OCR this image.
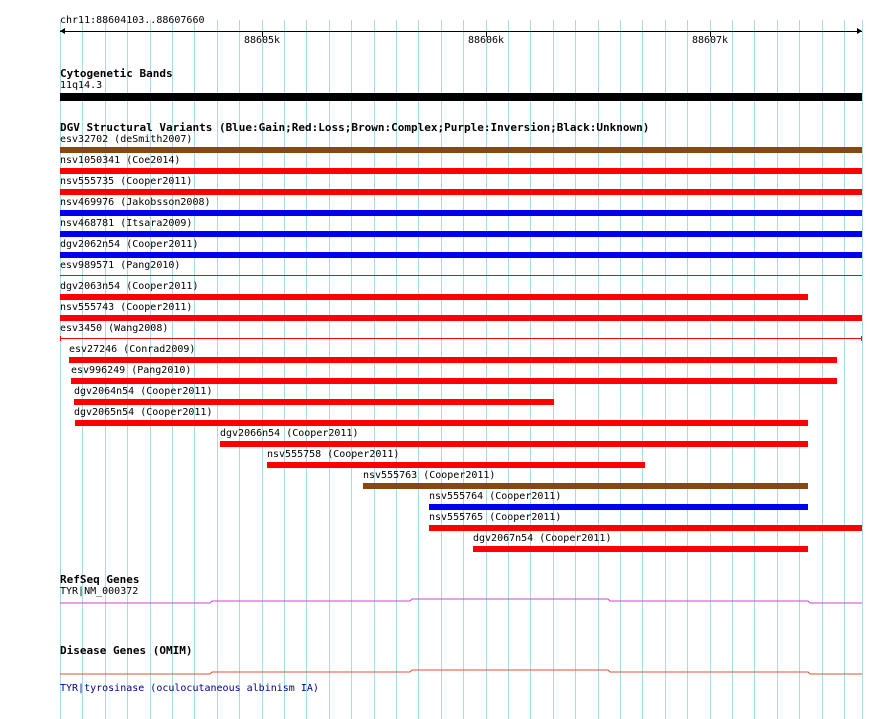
chr11:88604103..88607660
88605k	88606k	88607k
Cytogenetic Bands
11q14.3
DGV Structural Variants (Blue:Gain;Red:Loss;Brown:Complex;Purple:Inversion;Black:Unknown)
esv32702 (deSmith2007)
nsv1050341 (Coe2014)
nsv555735 (Cooper2011)
nsv469976 (Jakobsson2008)
nsv468781 (Itsara2009)
dgv2062n54 (Cooper2011)
esv989571 (Pang2010)
dgv2063n54 (Cooper2011)
nsv555743 (Cooper2011)
esv3450 (Wang2008)
esv27246 (Conrad2009)
esv996249 (Pang2010)
dgv2064n54 (Cooper2011)
dgv2065n54 (Cooper2011)
dgv2066n54 (Cooper2011)
nsv555758 (Cooper2011)
nsv555763 (Cooper2011)
nsv555764 (Cooper2011)
nsv555765 (Cooper2011)
dgv2067n54 (Cooper2011)
RefSeq Genes
TYR|NM_000372
Disease Genes (OMIM)
TYR|tyrosinase (oculocutaneous albinism IA)
